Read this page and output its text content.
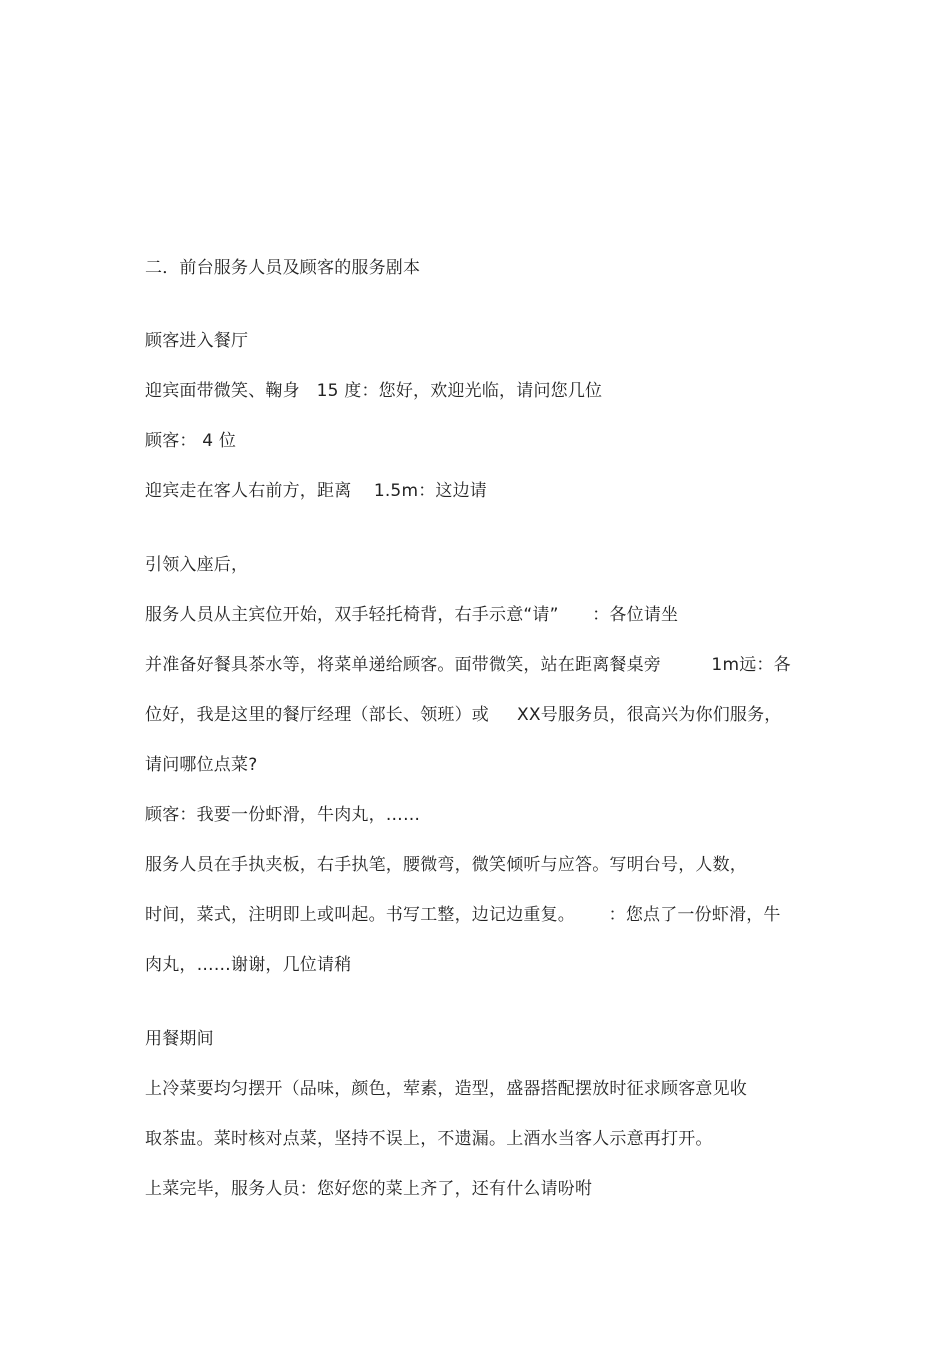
二．前台服务人员及顾客的服务剧本
顾客进入餐厅
迎宾面带微笑、鞠身   15 度：您好，欢迎光临，请问您几位
顾客： 4 位
迎宾走在客人右前方，距离    1.5m：这边请
引领入座后，
服务人员从主宾位开始，双手轻托椅背，右手示意“请”      ：各位请坐
并准备好餐具茶水等，将菜单递给顾客。面带微笑，站在距离餐桌旁         1m远：各
位好，我是这里的餐厅经理（部长、领班）或     XX号服务员，很高兴为你们服务，
请问哪位点菜?
顾客：我要一份虾滑，牛肉丸，……
服务人员在手执夹板，右手执笔，腰微弯，微笑倾听与应答。写明台号，人数，
时间，菜式，注明即上或叫起。书写工整，边记边重复。      ：您点了一份虾滑，牛
肉丸，……谢谢，几位请稍
用餐期间
上冷菜要均匀摆开（品味，颜色，荤素，造型，盛器搭配摆放时征求顾客意见收
取茶盅。菜时核对点菜，坚持不误上，不遗漏。上酒水当客人示意再打开。
上菜完毕，服务人员：您好您的菜上齐了，还有什么请吩咐
